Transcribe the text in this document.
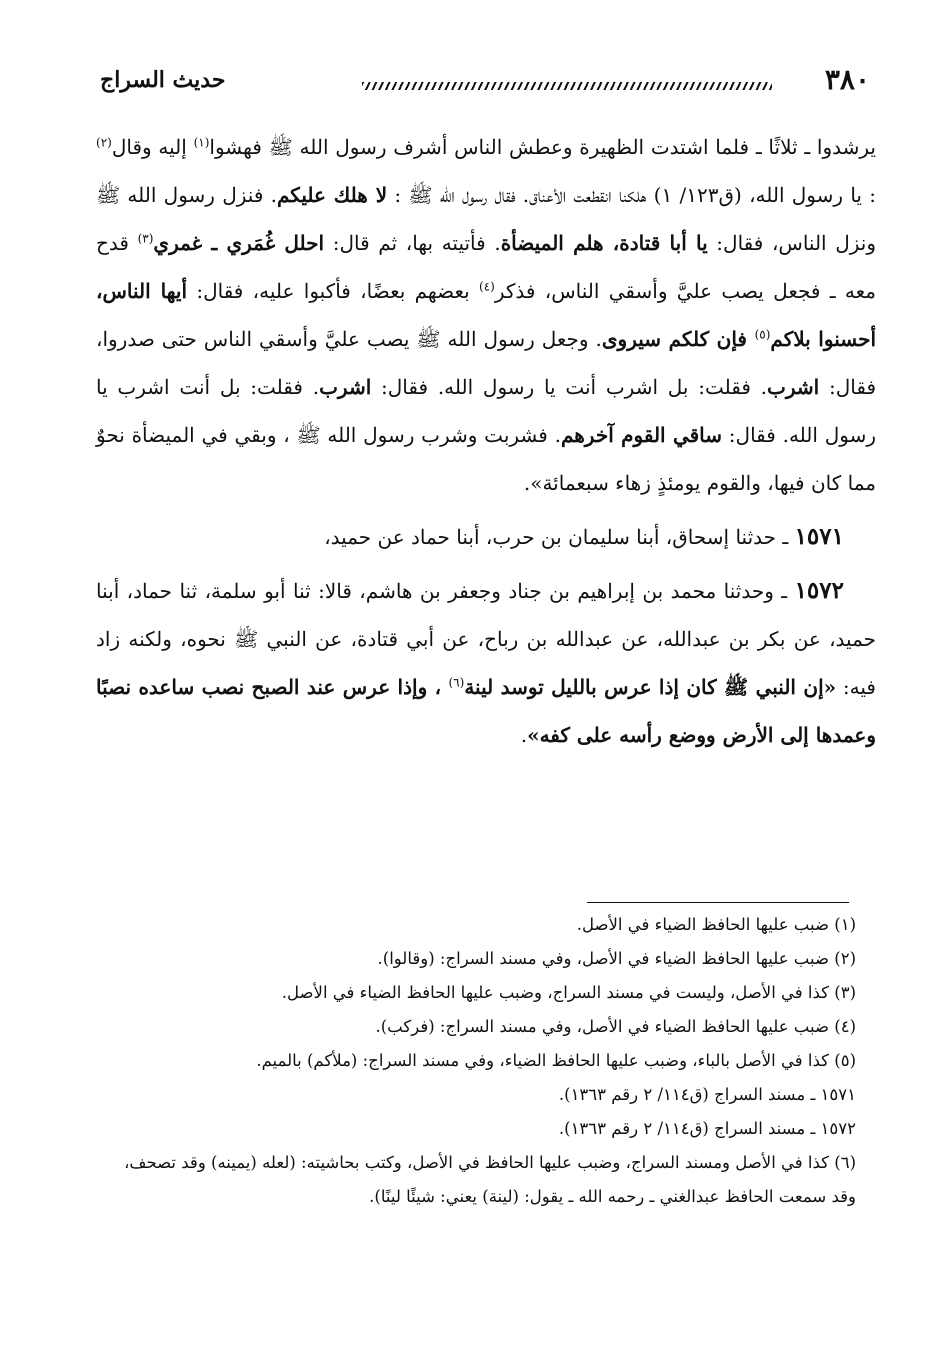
٣٨٠
حديث السراج

يرشدوا ـ ثلاثًا ـ فلما اشتدت الظهيرة وعطش الناس أشرف رسول الله ﷺ فهشوا$^{(١)}$ إليه وقال$^{(٢)}$ : يا رسول الله، (ق١٢٣/ ١) هلكنا انقطعت الأعناق. فقال رسول الله ﷺ : لا هلك عليكم. فنزل رسول الله ﷺ ونزل الناس، فقال: يا أبا قتادة، هلم الميضأة. فأتيته بها، ثم قال: احلل غُمَري ـ غمري$^{(٣)}$ قدح معه ـ فجعل يصب عليَّ وأسقي الناس، فذكر$^{(٤)}$ بعضهم بعضًا، فأكبوا عليه، فقال: أيها الناس، أحسنوا بلاكم$^{(٥)}$ فإن كلكم سيروى. وجعل رسول الله ﷺ يصب عليَّ وأسقي الناس حتى صدروا، فقال: اشرب. فقلت: بل اشرب أنت يا رسول الله. فقال: اشرب. فقلت: بل أنت اشرب يا رسول الله. فقال: ساقي القوم آخرهم. فشربت وشرب رسول الله ﷺ ، وبقي في الميضأة نحوٌ مما كان فيها، والقوم يومئذٍ زهاء سبعمائة».

١٥٧١ ـ حدثنا إسحاق، أبنا سليمان بن حرب، أبنا حماد عن حميد،

١٥٧٢ ـ وحدثنا محمد بن إبراهيم بن جناد وجعفر بن هاشم، قالا: ثنا أبو سلمة، ثنا حماد، أبنا حميد، عن بكر بن عبدالله، عن عبدالله بن رباح، عن أبي قتادة، عن النبي ﷺ نحوه، ولكنه زاد فيه: «إن النبي ﷺ كان إذا عرس بالليل توسد لينة$^{(٦)}$ ، وإذا عرس عند الصبح نصب ساعده نصبًا وعمدها إلى الأرض ووضع رأسه على كفه».

(١) ضبب عليها الحافظ الضياء في الأصل.
(٢) ضبب عليها الحافظ الضياء في الأصل، وفي مسند السراج: (وقالوا).
(٣) كذا في الأصل، وليست في مسند السراج، وضبب عليها الحافظ الضياء في الأصل.
(٤) ضبب عليها الحافظ الضياء في الأصل، وفي مسند السراج: (فركب).
(٥) كذا في الأصل بالباء، وضبب عليها الحافظ الضياء، وفي مسند السراج: (ملأكم) بالميم.
١٥٧١ ـ مسند السراج (ق١١٤/ ٢ رقم ١٣٦٣).
١٥٧٢ ـ مسند السراج (ق١١٤/ ٢ رقم ١٣٦٣).
(٦) كذا في الأصل ومسند السراج، وضبب عليها الحافظ في الأصل، وكتب بحاشيته: (لعله (يمينه) وقد تصحف، وقد سمعت الحافظ عبدالغني ـ رحمه الله ـ يقول: (لينة) يعني: شيئًا لينًا).
